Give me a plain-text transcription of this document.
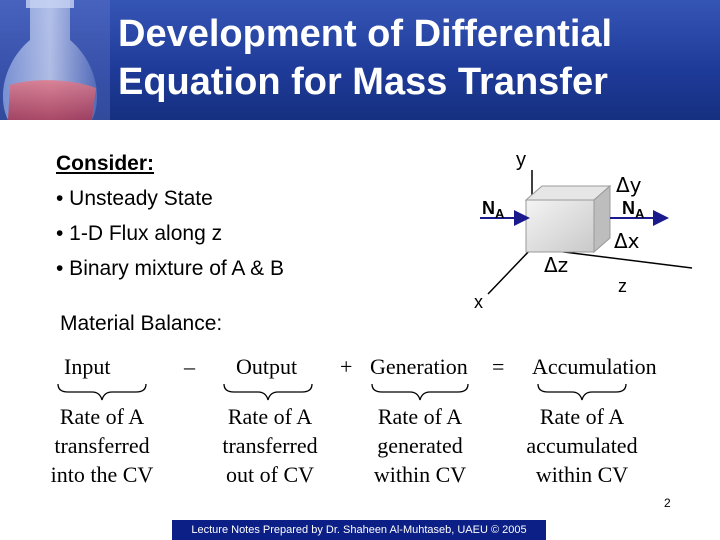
Development of Differential
Equation for Mass Transfer
Consider:
• Unsteady State
• 1-D Flux along z
• Binary mixture of A & B
Material Balance:
y
x
z
Δy
Δx
Δz
$N_A$	$N_A$
Input	– Output + Generation = Accumulation
Rate of A
transferred
into the CV
Rate of A
transferred
out of CV
Rate of A
generated
within CV
Rate of A
accumulated
within CV
2
Lecture Notes Prepared by Dr. Shaheen Al-Muhtaseb, UAEU © 2005
